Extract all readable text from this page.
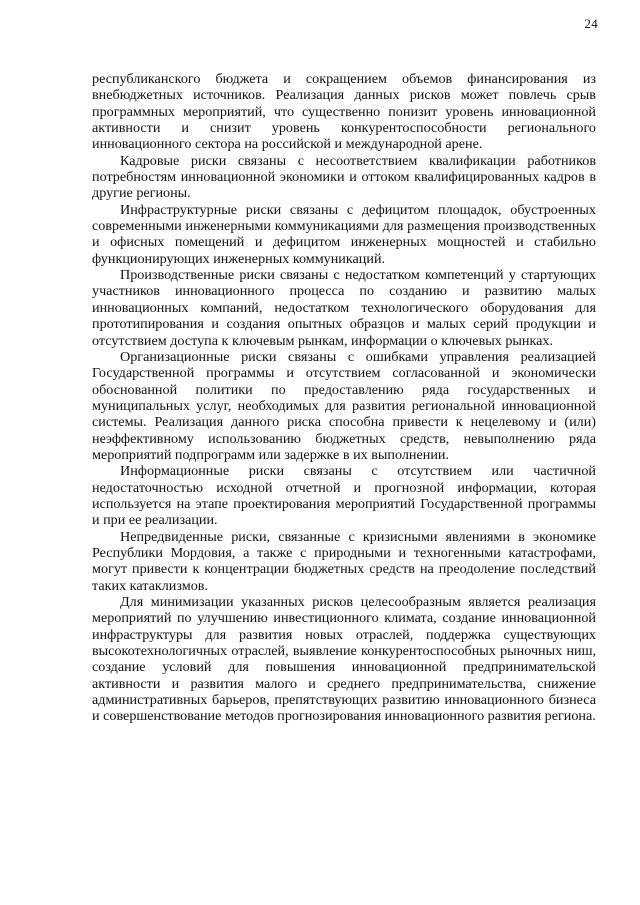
24

республиканского бюджета и сокращением объемов финансирования из внебюджетных источников. Реализация данных рисков может повлечь срыв программных мероприятий, что существенно понизит уровень инновационной активности и снизит уровень конкурентоспособности регионального инновационного сектора на российской и международной арене.

Кадровые риски связаны с несоответствием квалификации работников потребностям инновационной экономики и оттоком квалифицированных кадров в другие регионы.

Инфраструктурные риски связаны с дефицитом площадок, обустроенных современными инженерными коммуникациями для размещения производственных и офисных помещений и дефицитом инженерных мощностей и стабильно функционирующих инженерных коммуникаций.

Производственные риски связаны с недостатком компетенций у стартующих участников инновационного процесса по созданию и развитию малых инновационных компаний, недостатком технологического оборудования для прототипирования и создания опытных образцов и малых серий продукции и отсутствием доступа к ключевым рынкам, информации о ключевых рынках.

Организационные риски связаны с ошибками управления реализацией Государственной программы и отсутствием согласованной и экономически обоснованной политики по предоставлению ряда государственных и муниципальных услуг, необходимых для развития региональной инновационной системы. Реализация данного риска способна привести к нецелевому и (или) неэффективному использованию бюджетных средств, невыполнению ряда мероприятий подпрограмм или задержке в их выполнении.

Информационные риски связаны с отсутствием или частичной недостаточностью исходной отчетной и прогнозной информации, которая используется на этапе проектирования мероприятий Государственной программы и при ее реализации.

Непредвиденные риски, связанные с кризисными явлениями в экономике Республики Мордовия, а также с природными и техногенными катастрофами, могут привести к концентрации бюджетных средств на преодоление последствий таких катаклизмов.

Для минимизации указанных рисков целесообразным является реализация мероприятий по улучшению инвестиционного климата, создание инновационной инфраструктуры для развития новых отраслей, поддержка существующих высокотехнологичных отраслей, выявление конкурентоспособных рыночных ниш, создание условий для повышения инновационной предпринимательской активности и развития малого и среднего предпринимательства, снижение административных барьеров, препятствующих развитию инновационного бизнеса и совершенствование методов прогнозирования инновационного развития региона.
